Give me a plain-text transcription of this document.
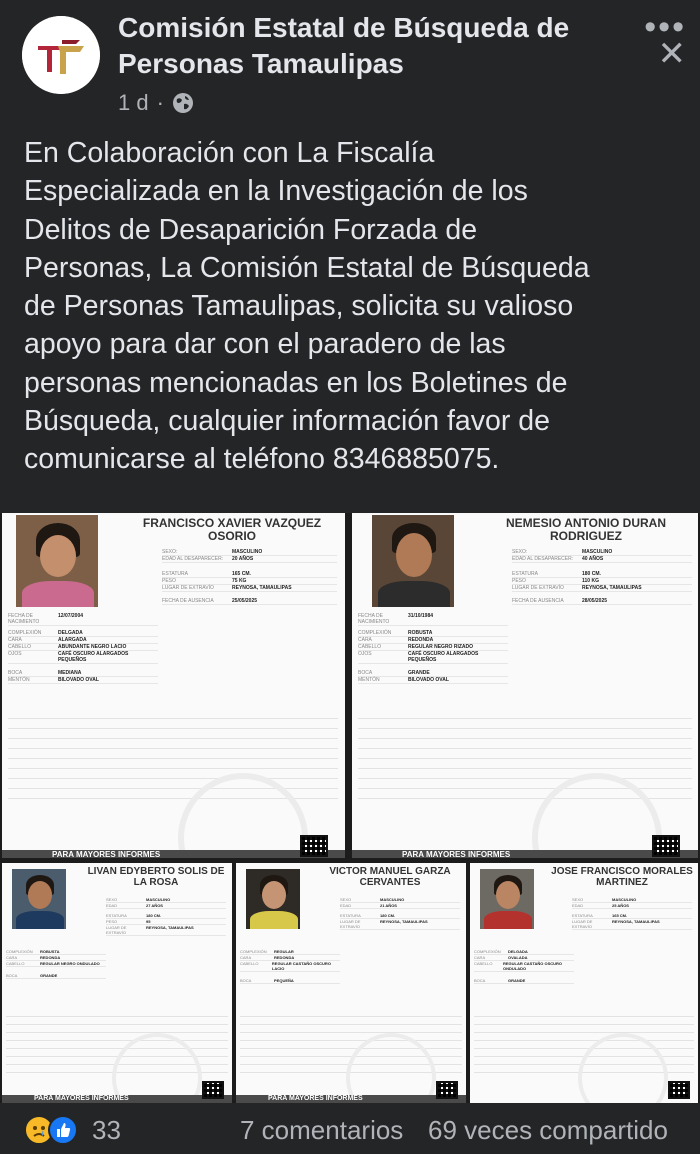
Comisión Estatal de Búsqueda de Personas Tamaulipas
1 d ·
•••
✕
En Colaboración con La Fiscalía
Especializada en la Investigación de los
Delitos de Desaparición Forzada de
Personas, La Comisión Estatal de Búsqueda
de Personas Tamaulipas, solicita su valioso
apoyo para dar con el paradero de las
personas mencionadas en los Boletines de
Búsqueda, cualquier información favor de
comunicarse al teléfono 8346885075.
FRANCISCO XAVIER VAZQUEZ OSORIO
SEXO:	MASCULINO
EDAD AL DESAPARECER:	20 AÑOS
ESTATURA	165 CM.
PESO	75 KG
LUGAR DE EXTRAVÍO	REYNOSA, TAMAULIPAS
FECHA DE AUSENCIA	25/05/2025
FECHA DE NACIMIENTO
12/07/2004
COMPLEXIÓN	DELGADA
CARA	ALARGADA
CABELLO	ABUNDANTE NEGRO LACIO
OJOS	CAFÉ OSCURO ALARGADOS PEQUEÑOS
BOCA	MEDIANA
MENTÓN	BILOVADO OVAL
PARA MAYORES INFORMES
NEMESIO ANTONIO DURAN RODRIGUEZ
SEXO:	MASCULINO
EDAD AL DESAPARECER:	40 AÑOS
ESTATURA	180 CM.
PESO	110 KG
LUGAR DE EXTRAVÍO	REYNOSA, TAMAULIPAS
FECHA DE AUSENCIA	28/05/2025
FECHA DE NACIMIENTO
31/10/1984
COMPLEXIÓN	ROBUSTA
CARA	REDONDA
CABELLO	REGULAR NEGRO RIZADO
OJOS	CAFÉ OSCURO ALARGADOS PEQUEÑOS
BOCA	GRANDE
MENTÓN	BILOVADO OVAL
PARA MAYORES INFORMES
LIVAN EDYBERTO SOLIS DE LA ROSA
SEXO	MASCULINO
EDAD	27 AÑOS
ESTATURA	180 CM.
PESO	95
LUGAR DE EXTRAVÍO
REYNOSA, TAMAULIPAS
COMPLEXIÓN	ROBUSTA
CARA	REDONDA
CABELLO	REGULAR NEGRO ONDULADO
BOCA	GRANDE
PARA MAYORES INFORMES
VICTOR MANUEL GARZA CERVANTES
SEXO	MASCULINO
EDAD	21 AÑOS
ESTATURA	180 CM.
LUGAR DE EXTRAVÍO
REYNOSA, TAMAULIPAS
COMPLEXIÓN	REGULAR
CARA	REDONDA
CABELLO	REGULAR CASTAÑO OSCURO LACIO
BOCA	PEQUEÑA
PARA MAYORES INFORMES
JOSE FRANCISCO MORALES MARTINEZ
SEXO	MASCULINO
EDAD	25 AÑOS
ESTATURA	165 CM.
LUGAR DE EXTRAVÍO
REYNOSA, TAMAULIPAS
COMPLEXIÓN	DELGADA
CARA	OVALADA
CABELLO	REGULAR CASTAÑO OSCURO ONDULADO
BOCA	GRANDE
33	7 comentarios 69 veces compartido
